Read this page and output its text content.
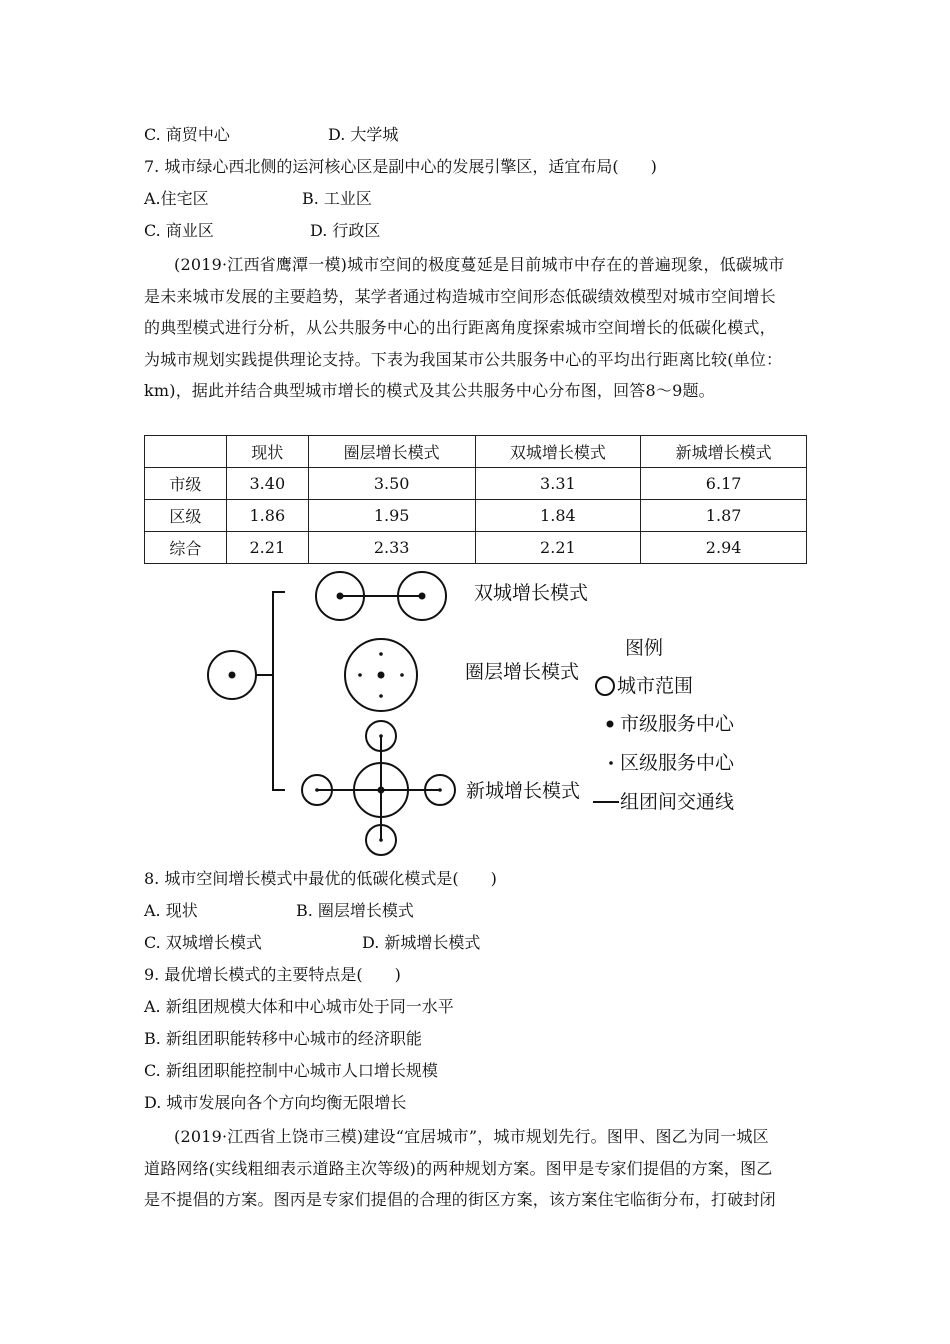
C. 商贸中心	D. 大学城
7. 城市绿心西北侧的运河核心区是副中心的发展引擎区，适宜布局(　　)
A.住宅区	B. 工业区
C. 商业区	D. 行政区
(2019·江西省鹰潭一模)城市空间的极度蔓延是目前城市中存在的普遍现象，低碳城市
是未来城市发展的主要趋势，某学者通过构造城市空间形态低碳绩效模型对城市空间增长
的典型模式进行分析，从公共服务中心的出行距离角度探索城市空间增长的低碳化模式，
为城市规划实践提供理论支持。下表为我国某市公共服务中心的平均出行距离比较(单位：
km)，据此并结合典型城市增长的模式及其公共服务中心分布图，回答8～9题。
	现状	圈层增长模式	双城增长模式	新城增长模式
市级	3.40	3.50	3.31	6.17
区级	1.86	1.95	1.84	1.87
综合	2.21	2.33	2.21	2.94
双城增长模式
圈层增长模式
新城增长模式
图例
城市范围
市级服务中心
区级服务中心
组团间交通线
8. 城市空间增长模式中最优的低碳化模式是(　　)
A. 现状	B. 圈层增长模式
C. 双城增长模式	D. 新城增长模式
9. 最优增长模式的主要特点是(　　)
A. 新组团规模大体和中心城市处于同一水平
B. 新组团职能转移中心城市的经济职能
C. 新组团职能控制中心城市人口增长规模
D. 城市发展向各个方向均衡无限增长
(2019·江西省上饶市三模)建设“宜居城市”，城市规划先行。图甲、图乙为同一城区
道路网络(实线粗细表示道路主次等级)的两种规划方案。图甲是专家们提倡的方案，图乙
是不提倡的方案。图丙是专家们提倡的合理的街区方案，该方案住宅临街分布，打破封闭
